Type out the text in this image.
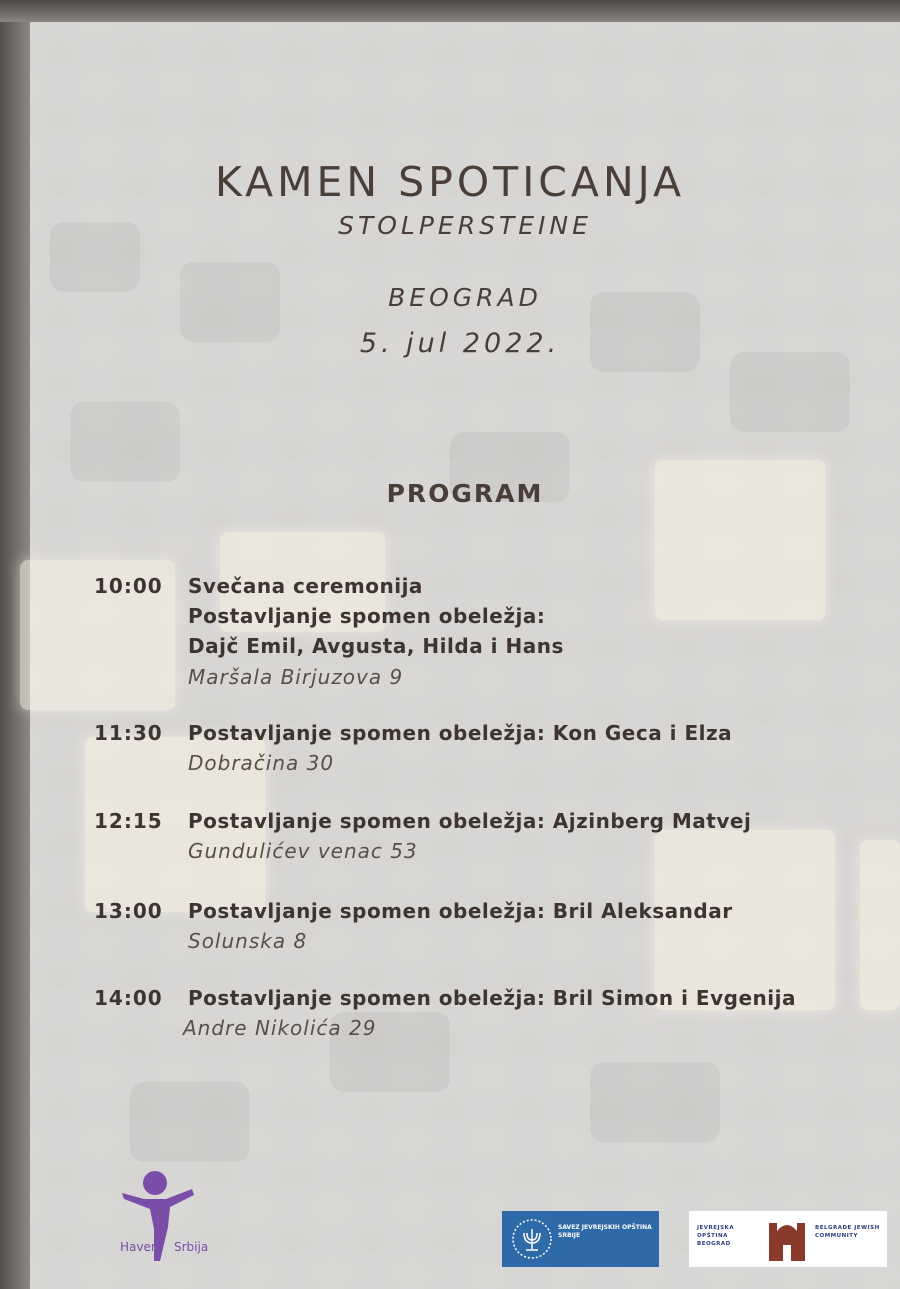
KAMEN SPOTICANJA
STOLPERSTEINE
BEOGRAD
5. jul 2022.
PROGRAM
10:00 Svečana ceremonija
Postavljanje spomen obeležja:
Dajč Emil, Avgusta, Hilda i Hans
Maršala Birjuzova 9
11:30 Postavljanje spomen obeležja: Kon Geca i Elza
Dobračina 30
12:15 Postavljanje spomen obeležja: Ajzinberg Matvej
Gundulićev venac 53
13:00 Postavljanje spomen obeležja: Bril Aleksandar
Solunska 8
14:00 Postavljanje spomen obeležja: Bril Simon i Evgenija
Andre Nikolića 29
Haver Srbija
SAVEZ JEVREJSKIH OPŠTINA SRBIJE
JEVREJSKA OPŠTINA BEOGRAD
BELGRADE JEWISH COMMUNITY
